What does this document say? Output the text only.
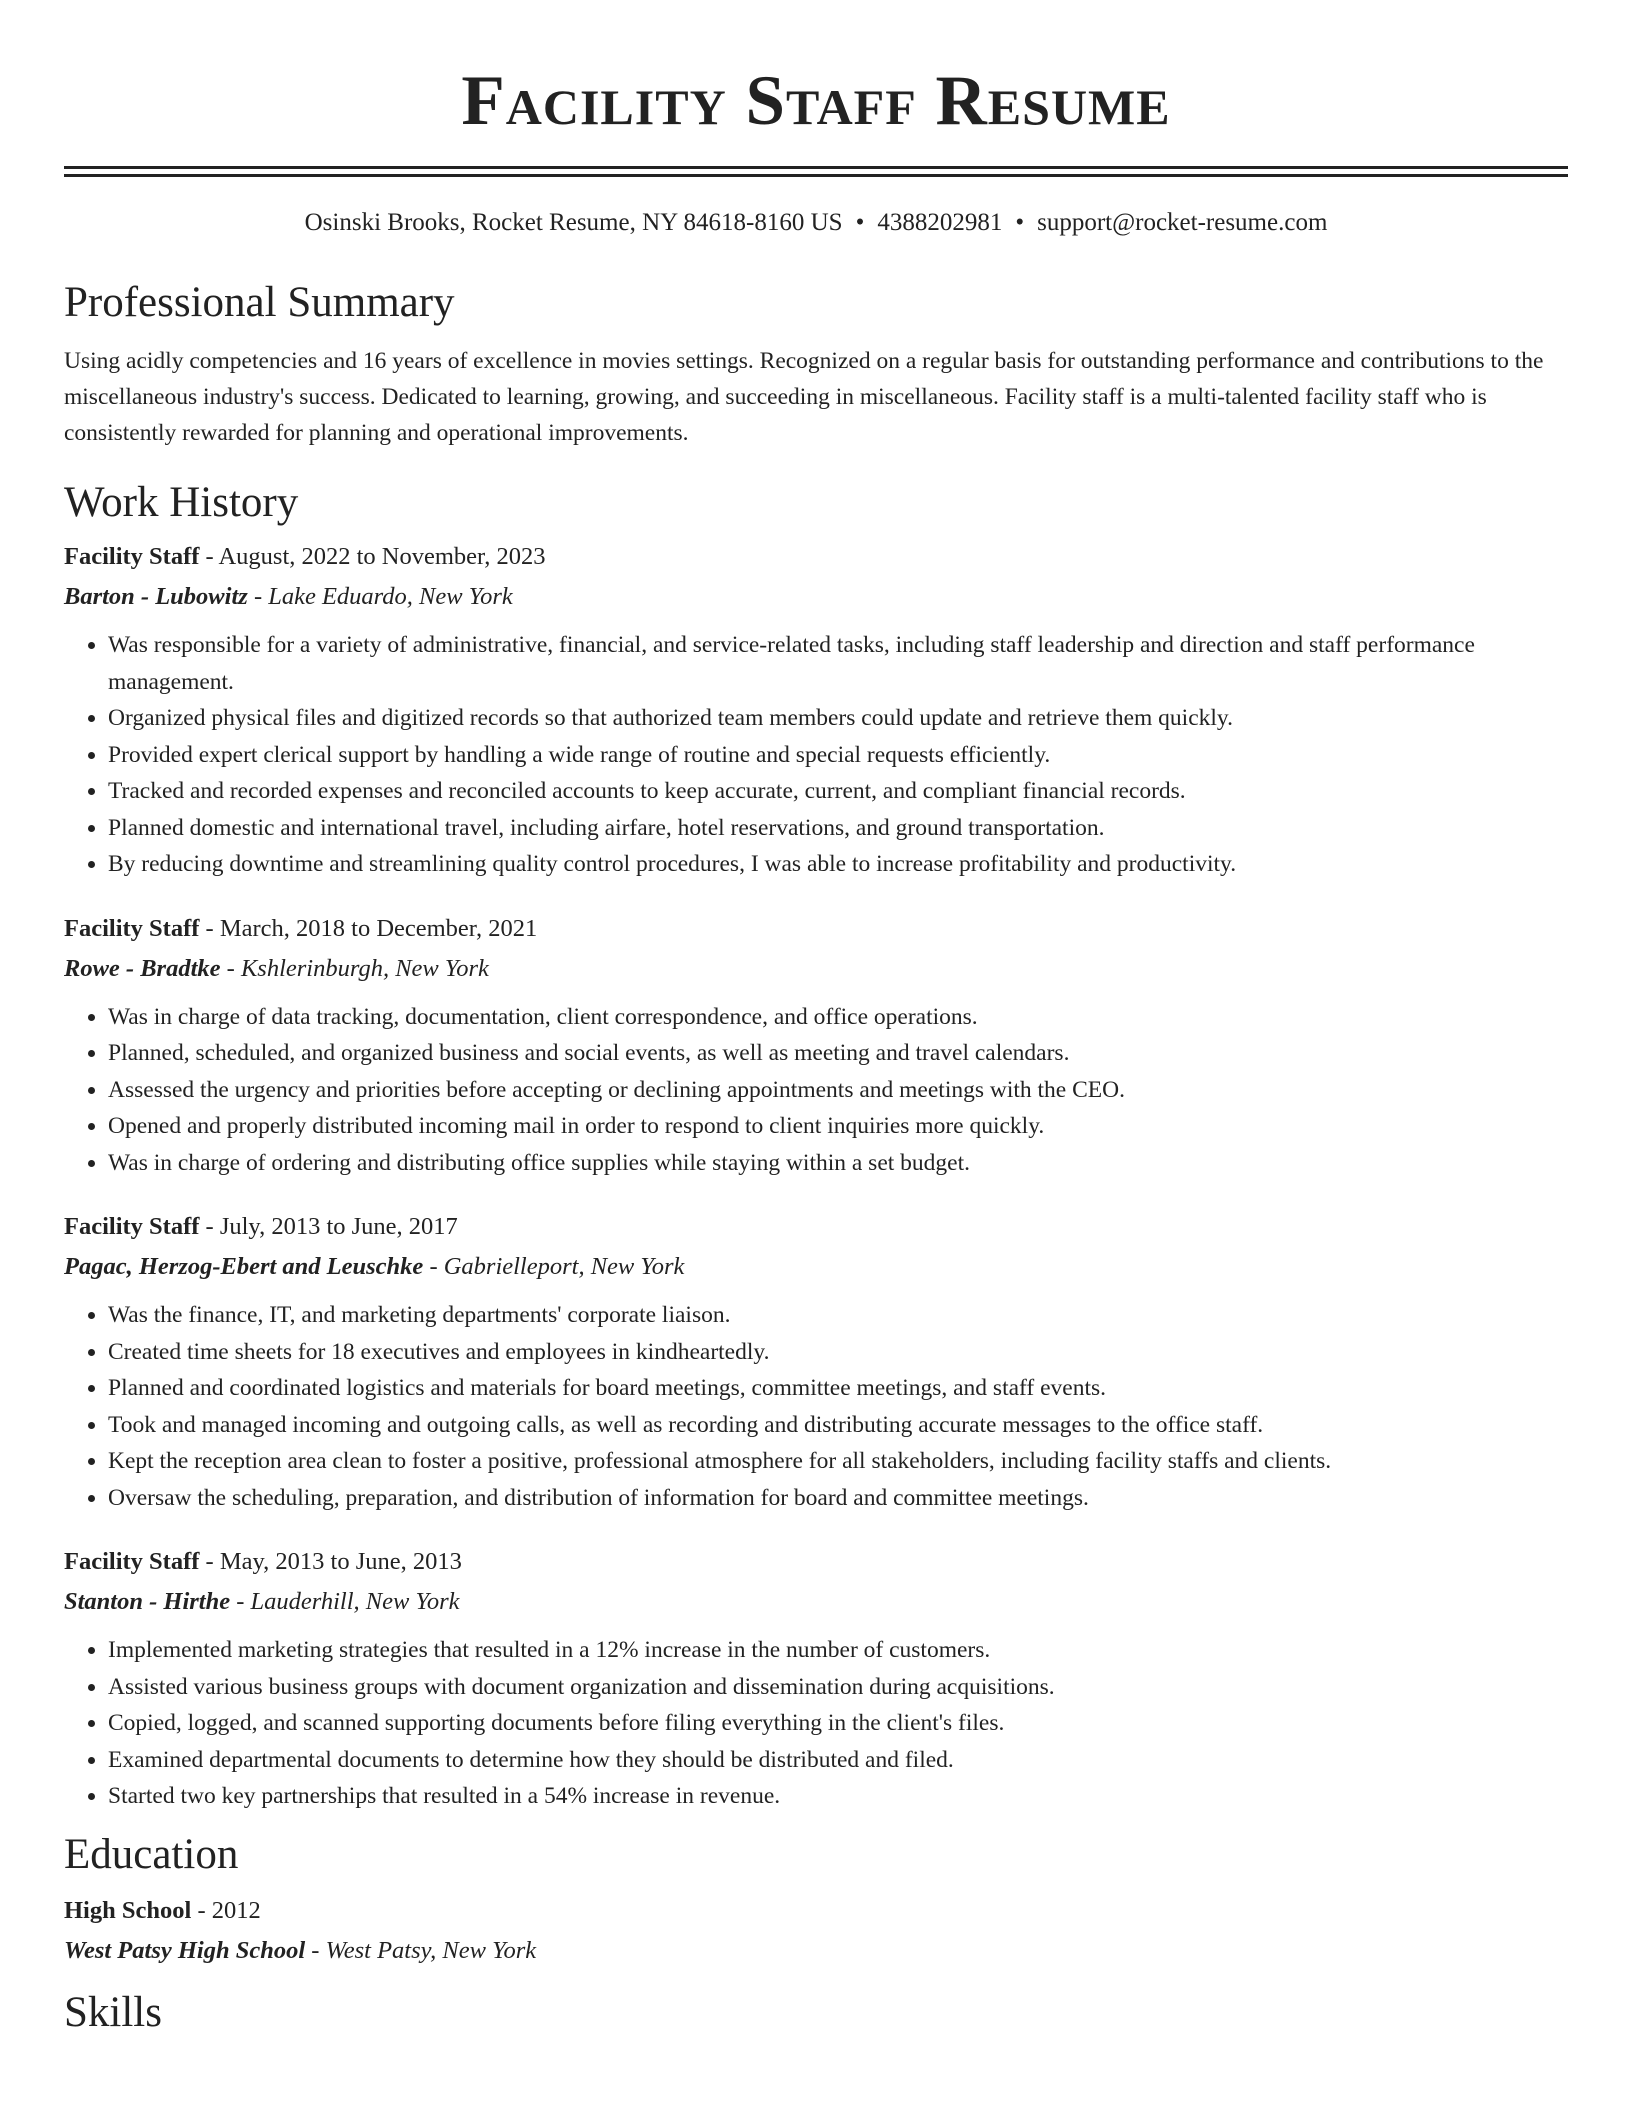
Facility Staff Resume
Osinski Brooks, Rocket Resume, NY 84618-8160 US • 4388202981 • support@rocket-resume.com
Professional Summary
Using acidly competencies and 16 years of excellence in movies settings. Recognized on a regular basis for outstanding performance and contributions to the miscellaneous industry's success. Dedicated to learning, growing, and succeeding in miscellaneous. Facility staff is a multi-talented facility staff who is consistently rewarded for planning and operational improvements.
Work History
Facility Staff - August, 2022 to November, 2023
Barton - Lubowitz - Lake Eduardo, New York
• Was responsible for a variety of administrative, financial, and service-related tasks, including staff leadership and direction and staff performance management.
• Organized physical files and digitized records so that authorized team members could update and retrieve them quickly.
• Provided expert clerical support by handling a wide range of routine and special requests efficiently.
• Tracked and recorded expenses and reconciled accounts to keep accurate, current, and compliant financial records.
• Planned domestic and international travel, including airfare, hotel reservations, and ground transportation.
• By reducing downtime and streamlining quality control procedures, I was able to increase profitability and productivity.
Facility Staff - March, 2018 to December, 2021
Rowe - Bradtke - Kshlerinburgh, New York
• Was in charge of data tracking, documentation, client correspondence, and office operations.
• Planned, scheduled, and organized business and social events, as well as meeting and travel calendars.
• Assessed the urgency and priorities before accepting or declining appointments and meetings with the CEO.
• Opened and properly distributed incoming mail in order to respond to client inquiries more quickly.
• Was in charge of ordering and distributing office supplies while staying within a set budget.
Facility Staff - July, 2013 to June, 2017
Pagac, Herzog-Ebert and Leuschke - Gabrielleport, New York
• Was the finance, IT, and marketing departments' corporate liaison.
• Created time sheets for 18 executives and employees in kindheartedly.
• Planned and coordinated logistics and materials for board meetings, committee meetings, and staff events.
• Took and managed incoming and outgoing calls, as well as recording and distributing accurate messages to the office staff.
• Kept the reception area clean to foster a positive, professional atmosphere for all stakeholders, including facility staffs and clients.
• Oversaw the scheduling, preparation, and distribution of information for board and committee meetings.
Facility Staff - May, 2013 to June, 2013
Stanton - Hirthe - Lauderhill, New York
• Implemented marketing strategies that resulted in a 12% increase in the number of customers.
• Assisted various business groups with document organization and dissemination during acquisitions.
• Copied, logged, and scanned supporting documents before filing everything in the client's files.
• Examined departmental documents to determine how they should be distributed and filed.
• Started two key partnerships that resulted in a 54% increase in revenue.
Education
High School - 2012
West Patsy High School - West Patsy, New York
Skills
